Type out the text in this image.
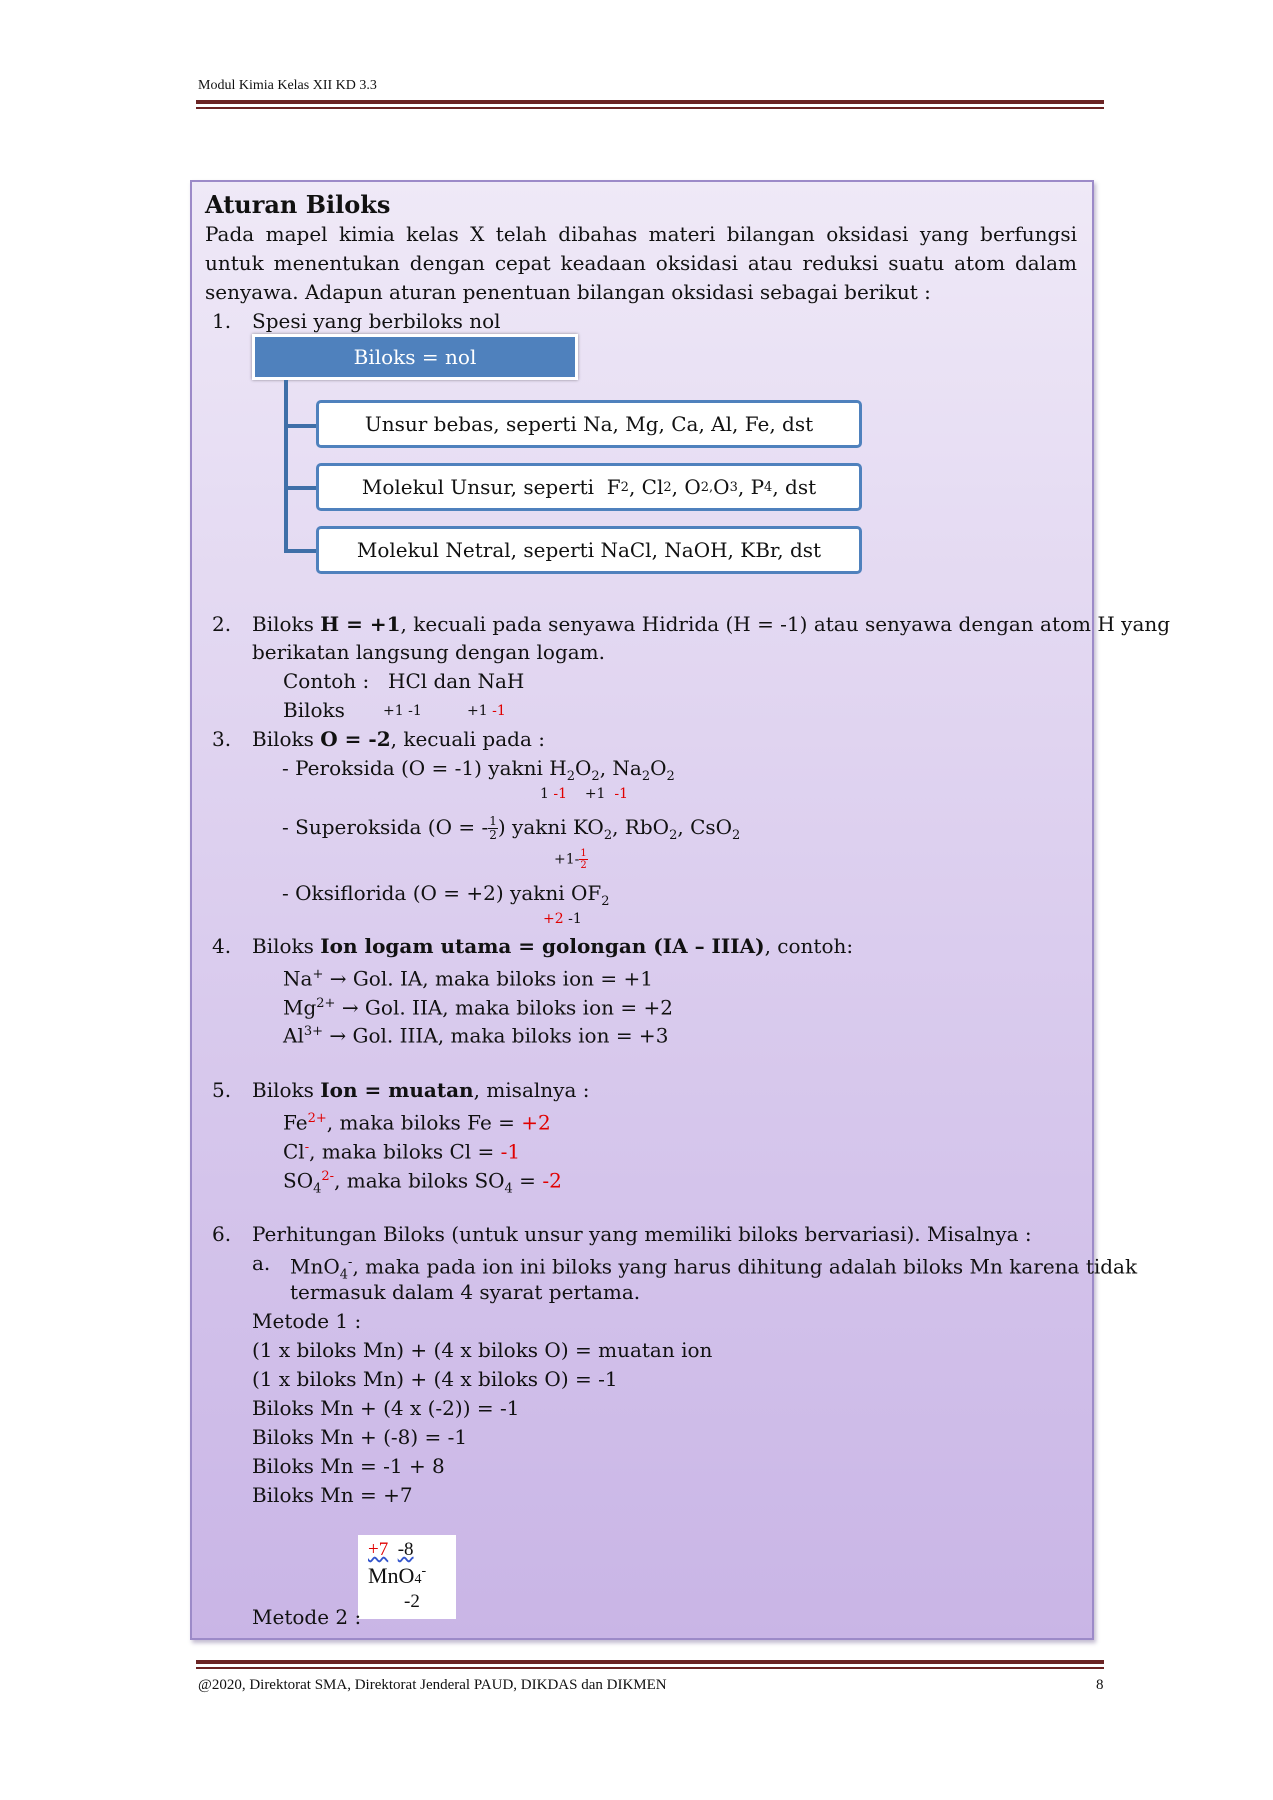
Modul Kimia Kelas XII KD 3.3
Aturan Biloks
Pada mapel kimia kelas X telah dibahas materi bilangan oksidasi yang berfungsi untuk menentukan dengan cepat keadaan oksidasi atau reduksi suatu atom dalam senyawa. Adapun aturan penentuan bilangan oksidasi sebagai berikut :
1. Spesi yang berbiloks nol
Biloks = nol
Unsur bebas, seperti Na, Mg, Ca, Al, Fe, dst
Molekul Unsur, seperti F 2 , Cl 2 , O 2, O 3 , P 4 , dst
Molekul Netral, seperti NaCl, NaOH, KBr, dst
2. Biloks H = +1, kecuali pada senyawa Hidrida (H = -1) atau senyawa dengan atom H yang
berikatan langsung dengan logam.
Contoh : HCl dan NaH
Biloks	+1 -1	+1 -1
3. Biloks O = -2, kecuali pada :
- Peroksida (O = -1) yakni $H_2O_2$, $Na_2O_2$
1 -1 +1 -1
- Superoksida (O = - $\frac{1}{2}$ ) yakni $KO_2$, RbO$_2$, CsO$_2$
$+1- \frac{1}{2}$
- Oksiflorida (O = +2) yakni $OF_2$
+2 -1
4. Biloks Ion logam utama = golongan (IA – IIIA), contoh:
Na+ → Gol. IA, maka biloks ion = +1
$Mg^{2+}$ → Gol. IIA, maka biloks ion = +2
$Al^{3+}$ → Gol. IIIA, maka biloks ion = +3
5. Biloks Ion = muatan, misalnya :
$Fe^{2+}$, maka biloks Fe = +2
Cl-, maka biloks Cl = -1
$SO_4^{2-}$, maka biloks $SO_4 = -2$
6. Perhitungan Biloks (untuk unsur yang memiliki biloks bervariasi). Misalnya :
a. MnO$_4$-, maka pada ion ini biloks yang harus dihitung adalah biloks Mn karena tidak
termasuk dalam 4 syarat pertama.
Metode 1 :
(1 x biloks Mn) + (4 x biloks O) = muatan ion
(1 x biloks Mn) + (4 x biloks O) = -1
Biloks Mn + (4 x (-2)) = -1
Biloks Mn + (-8) = -1
Biloks Mn = -1 + 8
Biloks Mn = +7
+7 -8
MnO4-
-2
Metode 2 :
@2020, Direktorat SMA, Direktorat Jenderal PAUD, DIKDAS dan DIKMEN	8
